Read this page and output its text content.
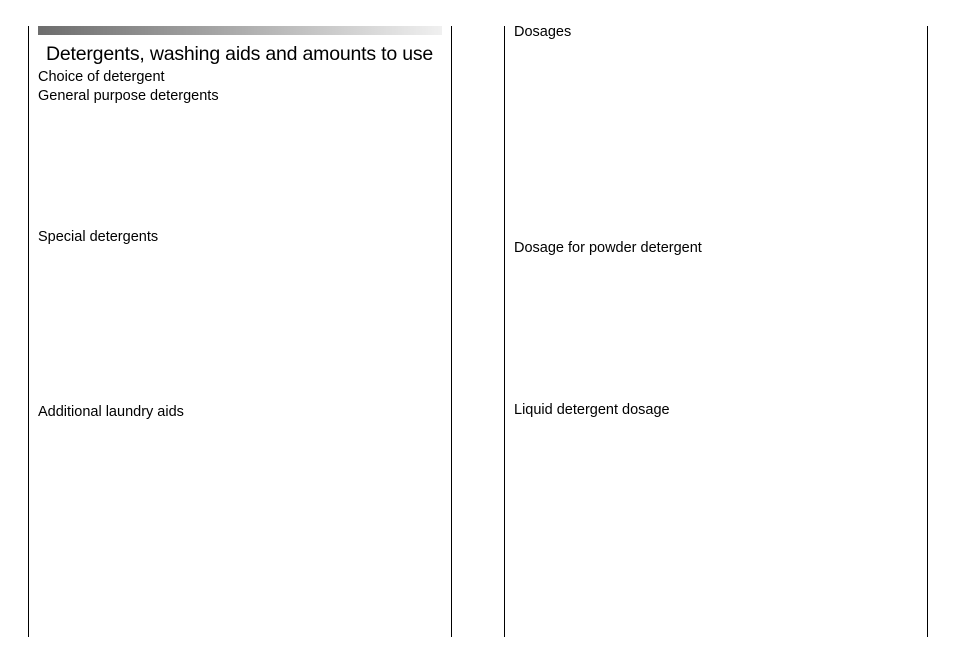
Detergents, washing aids and amounts to use
Choice of detergent
General purpose detergents
Special detergents
Additional laundry aids
Dosages
Dosage for powder detergent
Liquid detergent dosage
